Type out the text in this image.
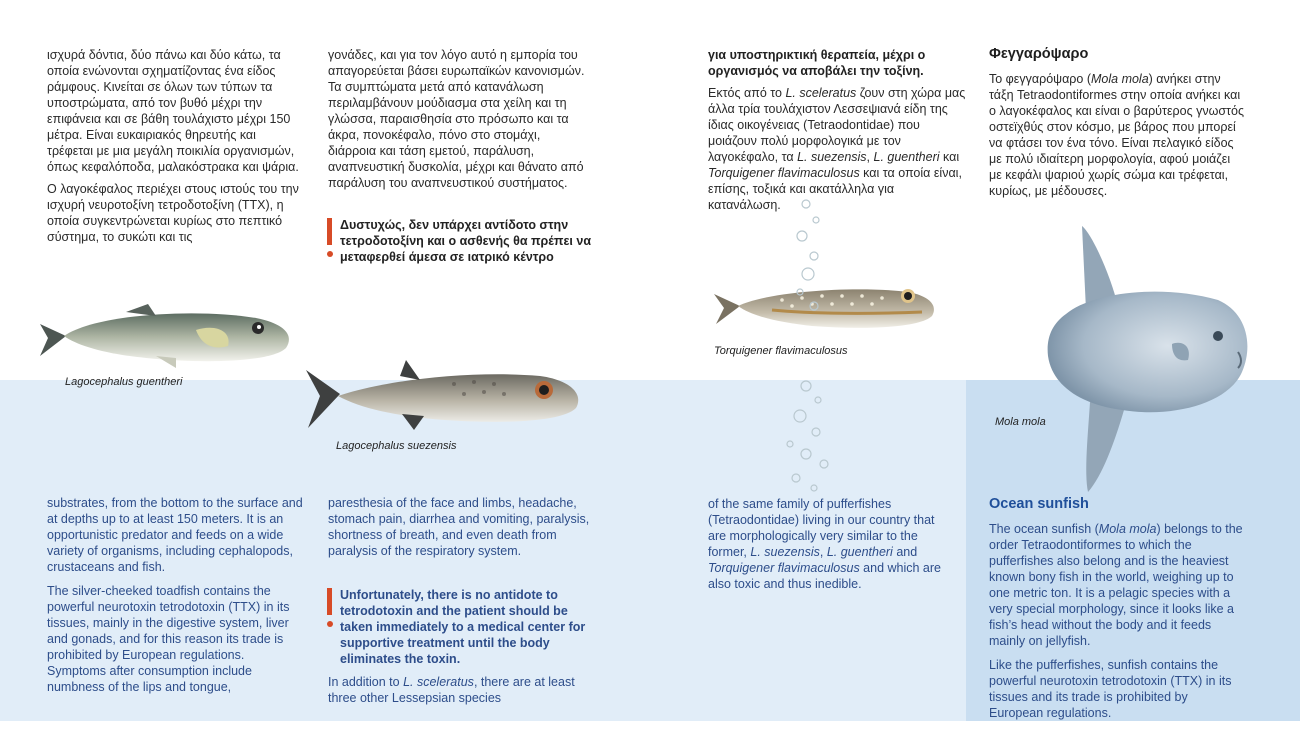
ισχυρά δόντια, δύο πάνω και δύο κάτω, τα οποία ενώνονται σχηματίζοντας ένα είδος ράμφους. Κινείται σε όλων των τύπων τα υποστρώματα, από τον βυθό μέχρι την επιφάνεια και σε βάθη τουλάχιστο μέχρι 150 μέτρα. Είναι ευκαιριακός θηρευτής και τρέφεται με μια μεγάλη ποικιλία οργανισμών, όπως κεφαλόποδα, μαλακόστρακα και ψάρια.

Ο λαγοκέφαλος περιέχει στους ιστούς του την ισχυρή νευροτοξίνη τετροδοτοξίνη (TTX), η οποία συγκεντρώνεται κυρίως στο πεπτικό σύστημα, το συκώτι και τις

γονάδες, και για τον λόγο αυτό η εμπορία του απαγορεύεται βάσει ευρωπαϊκών κανονισμών. Τα συμπτώματα μετά από κατανάλωση περιλαμβάνουν μούδιασμα στα χείλη και τη γλώσσα, παραισθησία στο πρόσωπο και τα άκρα, πονοκέφαλο, πόνο στο στομάχι, διάρροια και τάση εμετού, παράλυση, αναπνευστική δυσκολία, μέχρι και θάνατο από παράλυση του αναπνευστικού συστήματος.

Δυστυχώς, δεν υπάρχει αντίδοτο στην τετροδοτοξίνη και ο ασθενής θα πρέπει να μεταφερθεί άμεσα σε ιατρικό κέντρο

για υποστηρικτική θεραπεία, μέχρι ο οργανισμός να αποβάλει την τοξίνη.

Εκτός από το L. sceleratus ζουν στη χώρα μας άλλα τρία τουλάχιστον Λεσσεψιανά είδη της ίδιας οικογένειας (Tetraodontidae) που μοιάζουν πολύ μορφολογικά με τον λαγοκέφαλο, τα L. suezensis, L. guentheri και Torquigener flavimaculosus και τα οποία είναι, επίσης, τοξικά και ακατάλληλα για κατανάλωση.

Φεγγαρόψαρο

Το φεγγαρόψαρο (Mola mola) ανήκει στην τάξη Tetraodontiformes στην οποία ανήκει και ο λαγοκέφαλος και είναι ο βαρύτερος γνωστός οστεϊχθύς στον κόσμο, με βάρος που μπορεί να φτάσει τον ένα τόνο. Είναι πελαγικό είδος με πολύ ιδιαίτερη μορφολογία, αφού μοιάζει με κεφάλι ψαριού χωρίς σώμα και τρέφεται, κυρίως, με μέδουσες.

Lagocephalus guentheri
Lagocephalus suezensis
Torquigener flavimaculosus
Mola mola

substrates, from the bottom to the surface and at depths up to at least 150 meters. It is an opportunistic predator and feeds on a wide variety of organisms, including cephalopods, crustaceans and fish.

The silver-cheeked toadfish contains the powerful neurotoxin tetrodotoxin (TTX) in its tissues, mainly in the digestive system, liver and gonads, and for this reason its trade is prohibited by European regulations. Symptoms after consumption include numbness of the lips and tongue,

paresthesia of the face and limbs, headache, stomach pain, diarrhea and vomiting, paralysis, shortness of breath, and even death from paralysis of the respiratory system.

Unfortunately, there is no antidote to tetrodotoxin and the patient should be taken immediately to a medical center for supportive treatment until the body eliminates the toxin.

In addition to L. sceleratus, there are at least three other Lessepsian species

of the same family of pufferfishes (Tetraodontidae) living in our country that are morphologically very similar to the former, L. suezensis, L. guentheri and Torquigener flavimaculosus and which are also toxic and thus inedible.

Ocean sunfish

The ocean sunfish (Mola mola) belongs to the order Tetraodontiformes to which the pufferfishes also belong and is the heaviest known bony fish in the world, weighing up to one metric ton. It is a pelagic species with a very special morphology, since it looks like a fish’s head without the body and it feeds mainly on jellyfish.

Like the pufferfishes, sunfish contains the powerful neurotoxin tetrodotoxin (TTX) in its tissues and its trade is prohibited by European regulations.
